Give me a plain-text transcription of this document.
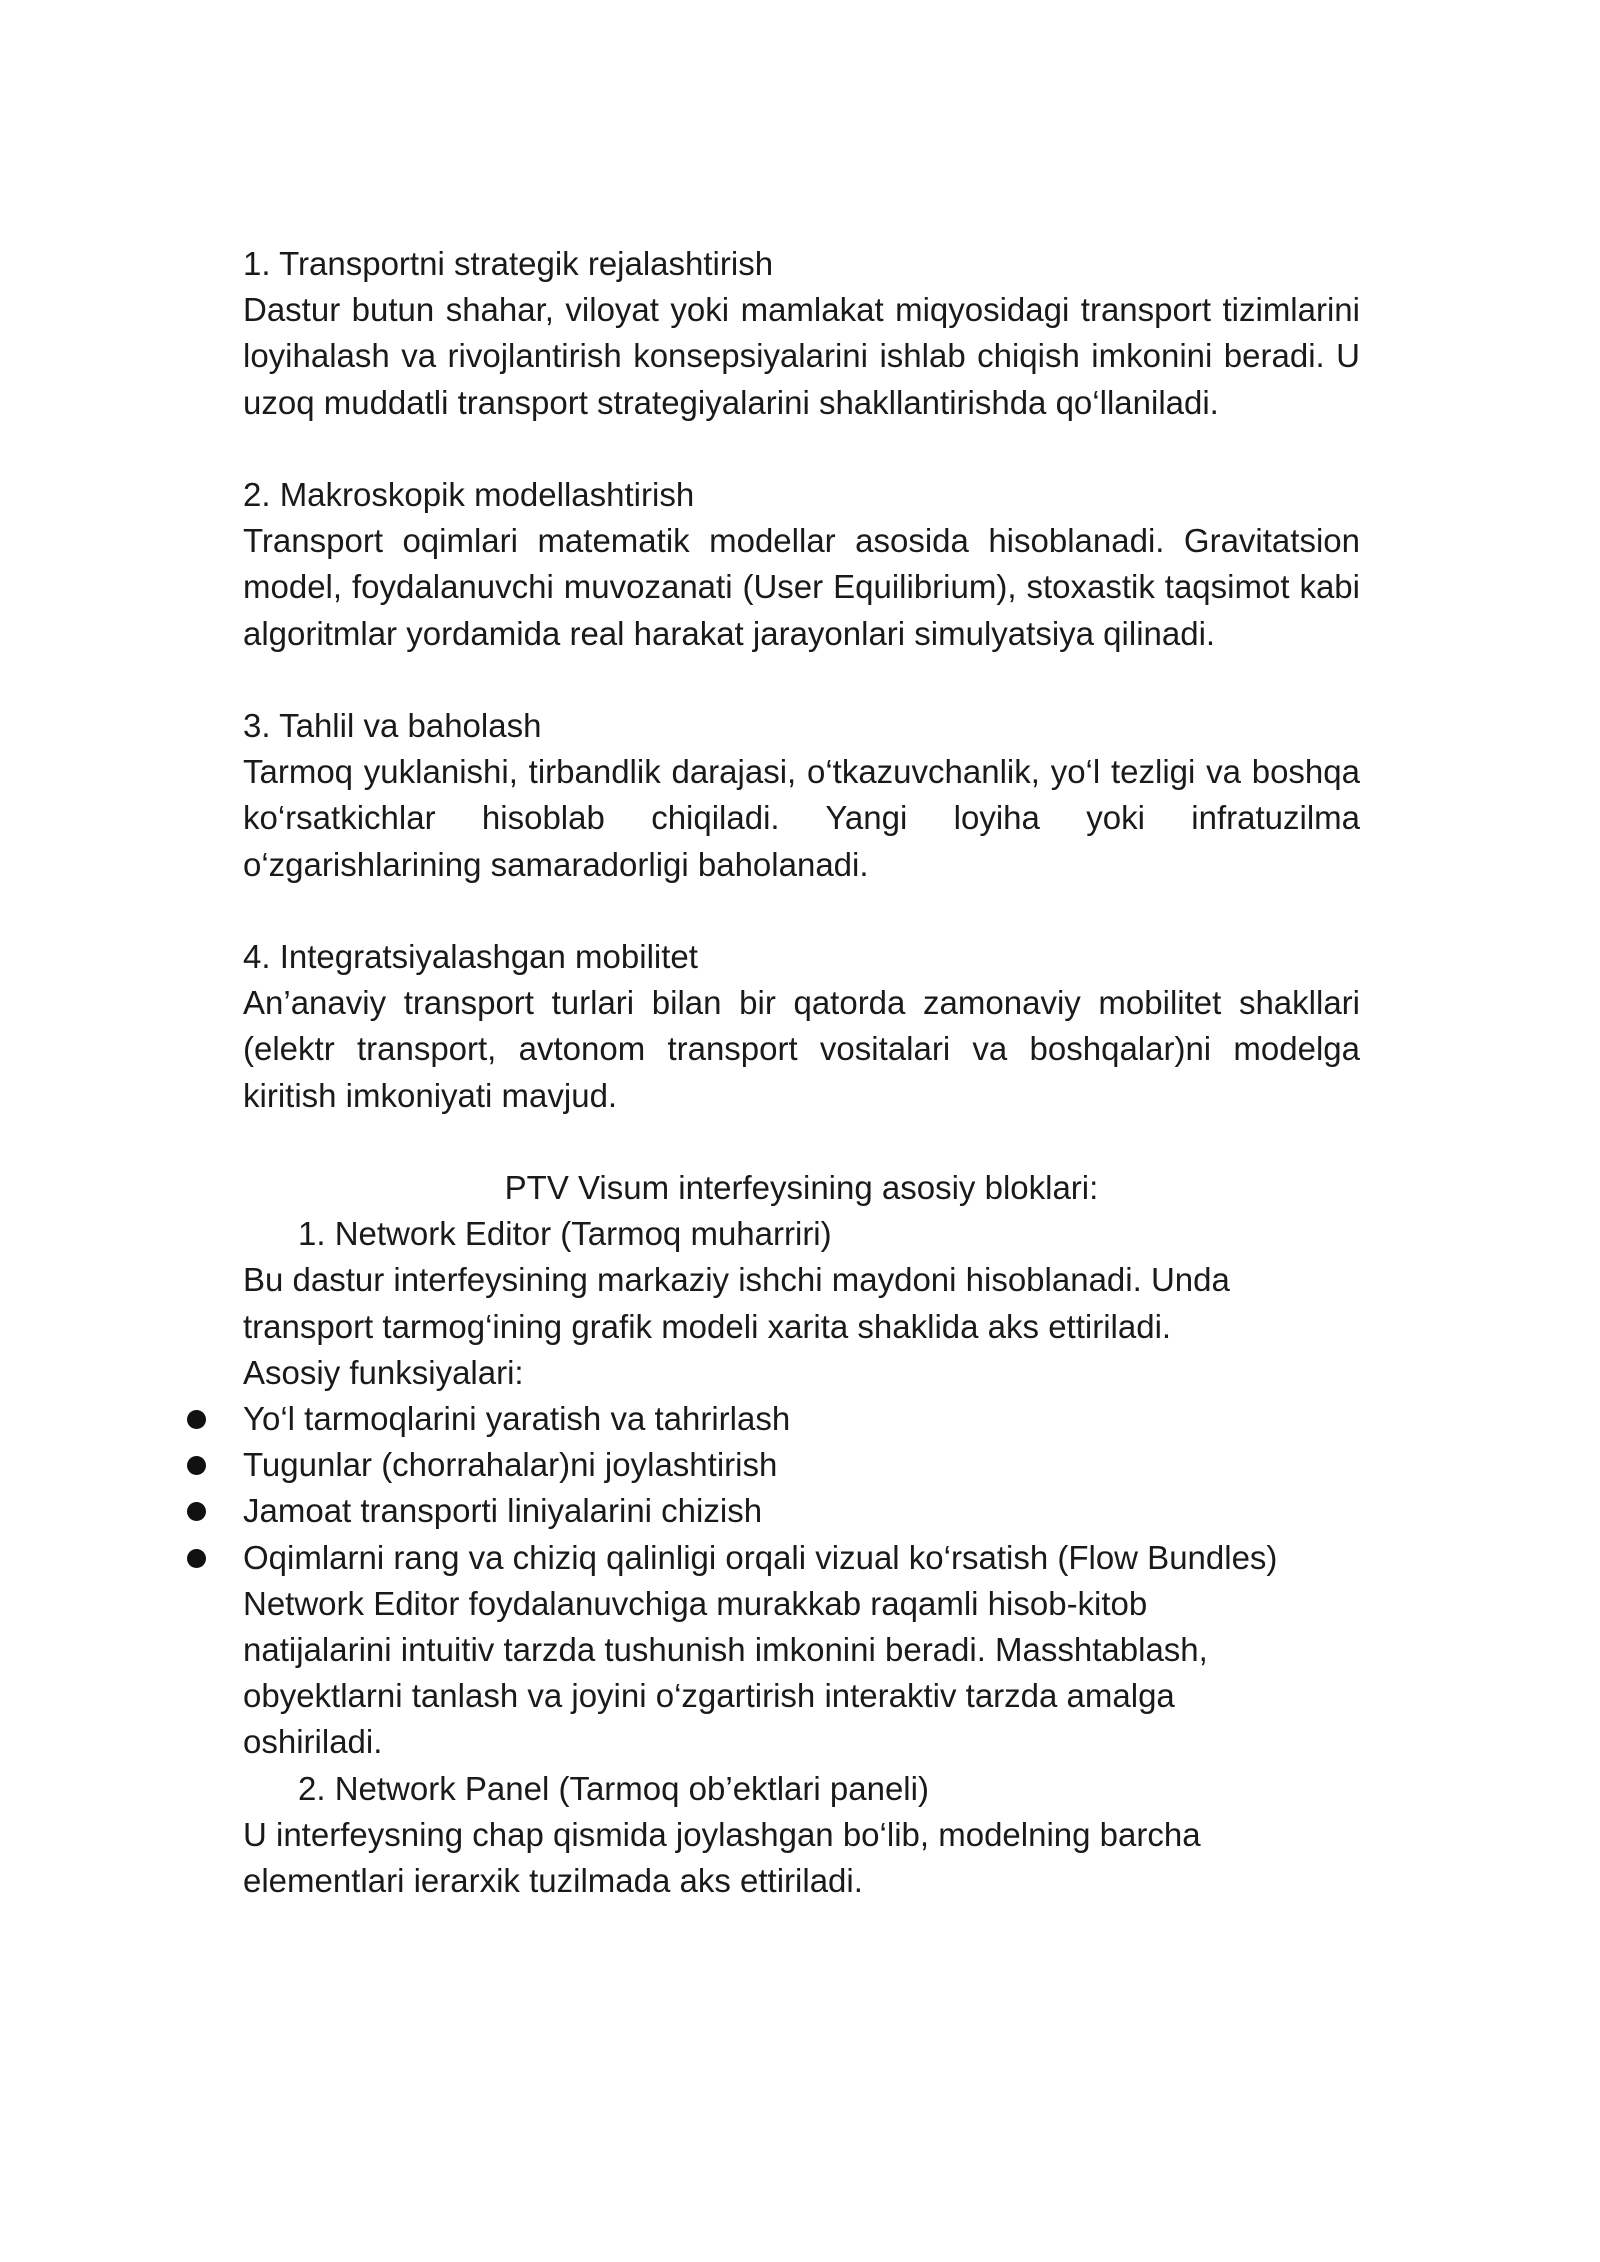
1. Transportni strategik rejalashtirish

Dastur butun shahar, viloyat yoki mamlakat miqyosidagi transport tizimlarini loyihalash va rivojlantirish konsepsiyalarini ishlab chiqish imkonini beradi. U uzoq muddatli transport strategiyalarini shakllantirishda qo‘llaniladi.

2. Makroskopik modellashtirish

Transport oqimlari matematik modellar asosida hisoblanadi. Gravitatsion model, foydalanuvchi muvozanati (User Equilibrium), stoxastik taqsimot kabi algoritmlar yordamida real harakat jarayonlari simulyatsiya qilinadi.

3. Tahlil va baholash

Tarmoq yuklanishi, tirbandlik darajasi, o‘tkazuvchanlik, yo‘l tezligi va boshqa ko‘rsatkichlar hisoblab chiqiladi. Yangi loyiha yoki infratuzilma o‘zgarishlarining samaradorligi baholanadi.

4. Integratsiyalashgan mobilitet

An’anaviy transport turlari bilan bir qatorda zamonaviy mobilitet shakllari (elektr transport, avtonom transport vositalari va boshqalar)ni modelga kiritish imkoniyati mavjud.

PTV Visum interfeysining asosiy bloklari:

1. Network Editor (Tarmoq muharriri)

Bu dastur interfeysining markaziy ishchi maydoni hisoblanadi. Unda

transport tarmog‘ining grafik modeli xarita shaklida aks ettiriladi.

Asosiy funksiyalari:

Yo‘l tarmoqlarini yaratish va tahrirlash
Tugunlar (chorrahalar)ni joylashtirish
Jamoat transporti liniyalarini chizish
Oqimlarni rang va chiziq qalinligi orqali vizual ko‘rsatish (Flow Bundles)

Network Editor foydalanuvchiga murakkab raqamli hisob-kitob

natijalarini intuitiv tarzda tushunish imkonini beradi. Masshtablash,

obyektlarni tanlash va joyini o‘zgartirish interaktiv tarzda amalga

oshiriladi.

2. Network Panel (Tarmoq ob’ektlari paneli)

U interfeysning chap qismida joylashgan bo‘lib, modelning barcha

elementlari ierarxik tuzilmada aks ettiriladi.
